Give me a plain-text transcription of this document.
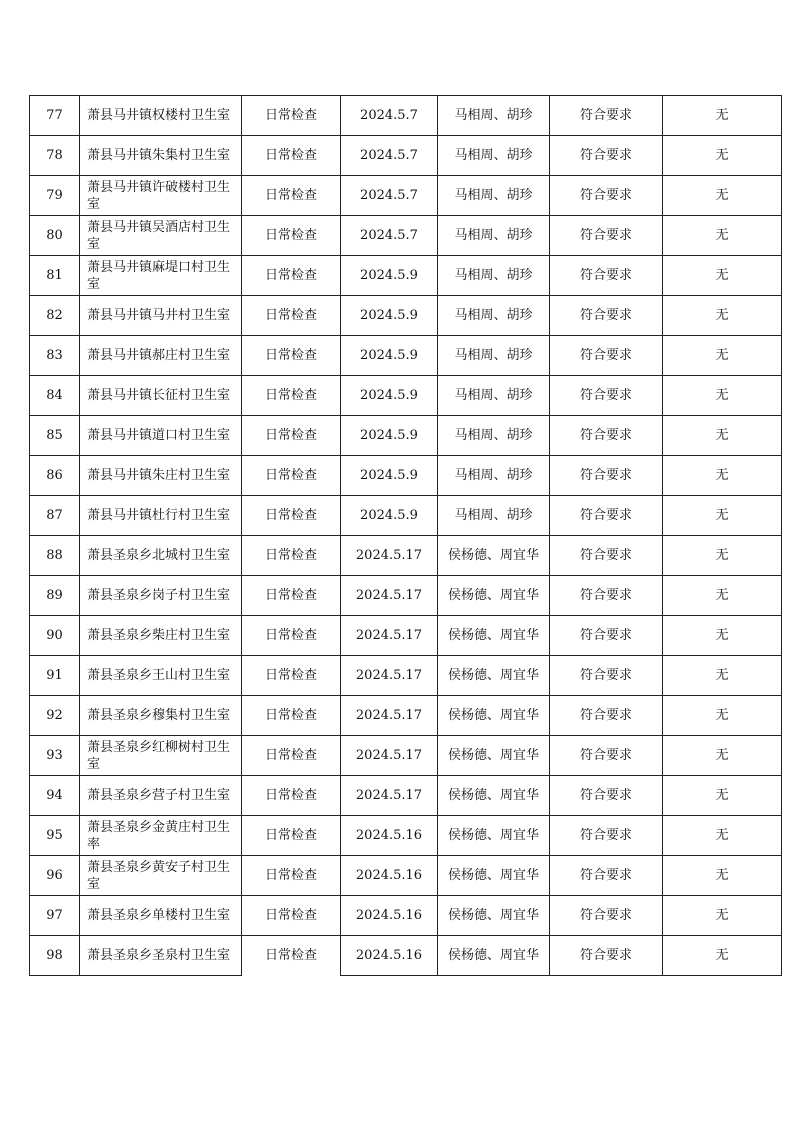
77	萧县马井镇权楼村卫生室	日常检查	2024.5.7	马相周、胡珍	符合要求	无
78	萧县马井镇朱集村卫生室	日常检查	2024.5.7	马相周、胡珍	符合要求	无
79	萧县马井镇许破楼村卫生室	日常检查	2024.5.7	马相周、胡珍	符合要求	无
80	萧县马井镇吴酒店村卫生室	日常检查	2024.5.7	马相周、胡珍	符合要求	无
81	萧县马井镇麻堤口村卫生室	日常检查	2024.5.9	马相周、胡珍	符合要求	无
82	萧县马井镇马井村卫生室	日常检查	2024.5.9	马相周、胡珍	符合要求	无
83	萧县马井镇郝庄村卫生室	日常检查	2024.5.9	马相周、胡珍	符合要求	无
84	萧县马井镇长征村卫生室	日常检查	2024.5.9	马相周、胡珍	符合要求	无
85	萧县马井镇道口村卫生室	日常检查	2024.5.9	马相周、胡珍	符合要求	无
86	萧县马井镇朱庄村卫生室	日常检查	2024.5.9	马相周、胡珍	符合要求	无
87	萧县马井镇杜行村卫生室	日常检查	2024.5.9	马相周、胡珍	符合要求	无
88	萧县圣泉乡北城村卫生室	日常检查	2024.5.17	侯杨德、周宜华	符合要求	无
89	萧县圣泉乡岗子村卫生室	日常检查	2024.5.17	侯杨德、周宜华	符合要求	无
90	萧县圣泉乡柴庄村卫生室	日常检查	2024.5.17	侯杨德、周宜华	符合要求	无
91	萧县圣泉乡王山村卫生室	日常检查	2024.5.17	侯杨德、周宜华	符合要求	无
92	萧县圣泉乡穆集村卫生室	日常检查	2024.5.17	侯杨德、周宜华	符合要求	无
93	萧县圣泉乡红柳树村卫生室	日常检查	2024.5.17	侯杨德、周宜华	符合要求	无
94	萧县圣泉乡营子村卫生室	日常检查	2024.5.17	侯杨德、周宜华	符合要求	无
95	萧县圣泉乡金黄庄村卫生率	日常检查	2024.5.16	侯杨德、周宜华	符合要求	无
96	萧县圣泉乡黄安子村卫生室	日常检查	2024.5.16	侯杨德、周宜华	符合要求	无
97	萧县圣泉乡单楼村卫生室	日常检查	2024.5.16	侯杨德、周宜华	符合要求	无
98	萧县圣泉乡圣泉村卫生室	日常检查	2024.5.16	侯杨德、周宜华	符合要求	无
